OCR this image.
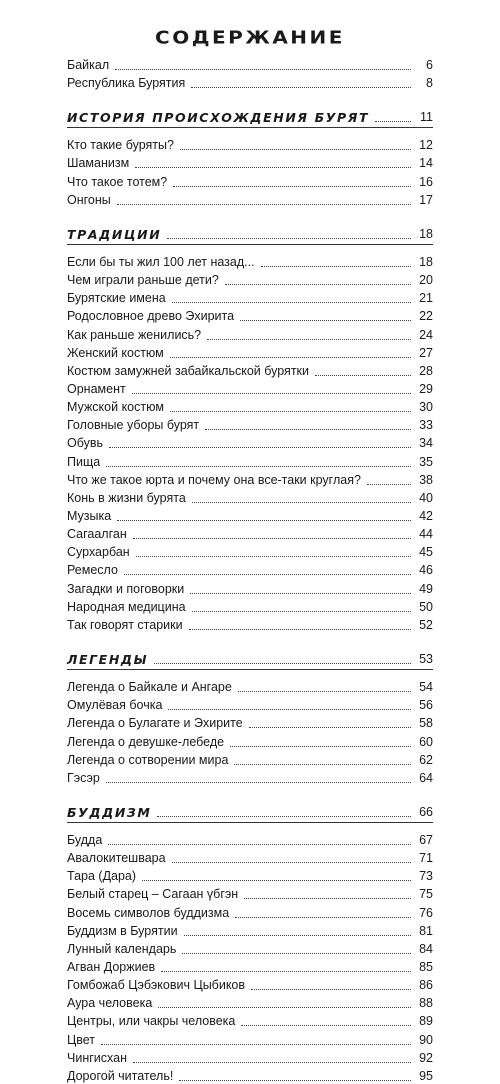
СОДЕРЖАНИЕ
Байкал	6
Республика Бурятия	8
ИСТОРИЯ ПРОИСХОЖДЕНИЯ БУРЯТ	11
Кто такие буряты?	12
Шаманизм	14
Что такое тотем?	16
Онгоны	17
ТРАДИЦИИ	18
Если бы ты жил 100 лет назад...	18
Чем играли раньше дети?	20
Бурятские имена	21
Родословное древо Эхирита	22
Как раньше женились?	24
Женский костюм	27
Костюм замужней забайкальской бурятки	28
Орнамент	29
Мужской костюм	30
Головные уборы бурят	33
Обувь	34
Пища	35
Что же такое юрта и почему она все-таки круглая?	38
Конь в жизни бурята	40
Музыка	42
Сагаалган	44
Сурхарбан	45
Ремесло	46
Загадки и поговорки	49
Народная медицина	50
Так говорят старики	52
ЛЕГЕНДЫ	53
Легенда о Байкале и Ангаре	54
Омулёвая бочка	56
Легенда о Булагате и Эхирите	58
Легенда о девушке-лебеде	60
Легенда о сотворении мира	62
Гэсэр	64
БУДДИЗМ	66
Будда	67
Авалокитешвара	71
Тара (Дара)	73
Белый старец – Сагаан үбгэн	75
Восемь символов буддизма	76
Буддизм в Бурятии	81
Лунный календарь	84
Агван Доржиев	85
Гомбожаб Цэбэкович Цыбиков	86
Аура человека	88
Центры, или чакры человека	89
Цвет	90
Чингисхан	92
Дорогой читатель!	95
